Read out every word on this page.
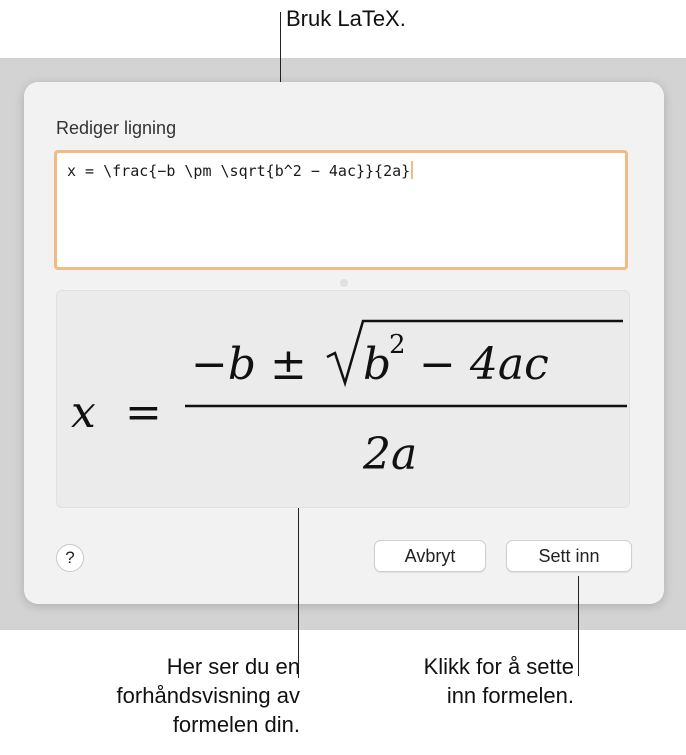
Bruk LaTeX.
Rediger ligning
x = \frac{−b \pm \sqrt{b^2 − 4ac}}{2a}
x =
−b ± b
2 − 4ac
2a
?	Avbryt	Sett inn
Her ser du en
forhåndsvisning av
formelen din.
Klikk for å sette
inn formelen.
